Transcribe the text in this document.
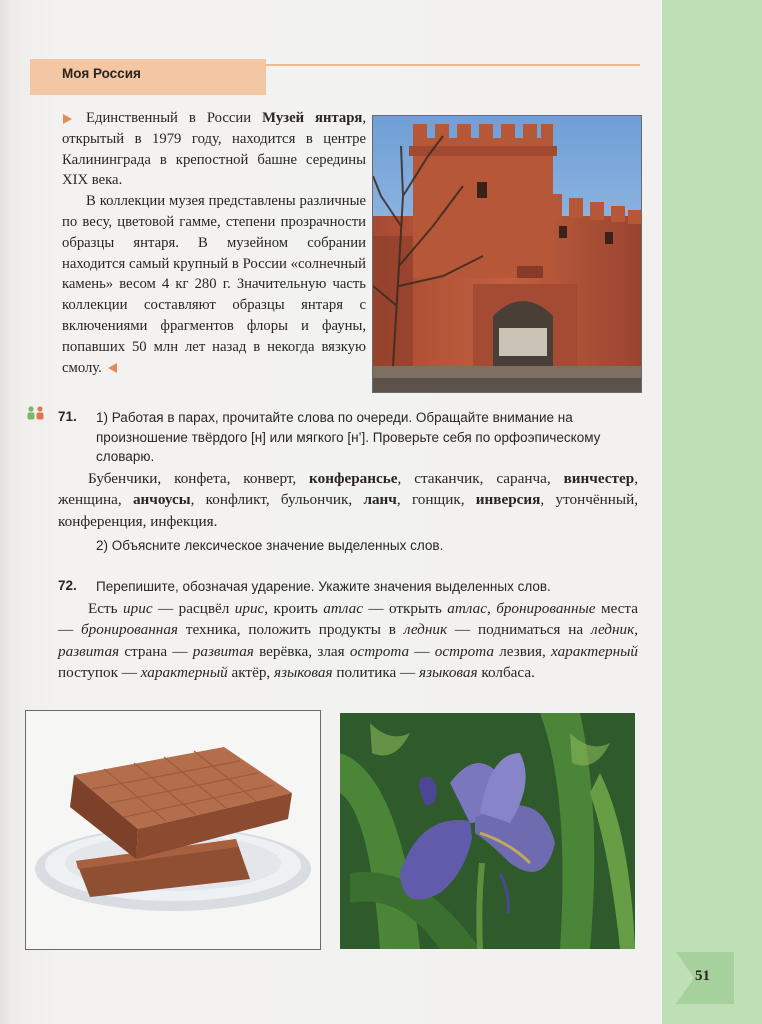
Моя Россия

Единственный в России Музей янтаря, открытый в 1979 году, находится в центре Калининграда в крепостной башне середины XIX века.

В коллекции музея представлены различные по весу, цветовой гамме, степени прозрачности образцы янтаря. В музейном собрании находится самый крупный в России «солнечный камень» весом 4 кг 280 г. Значительную часть коллекции составляют образцы янтаря с включениями фрагментов флоры и фауны, попавших 50 млн лет назад в некогда вязкую смолу.

71. 1) Работая в парах, прочитайте слова по очереди. Обращайте внимание на произношение твёрдого [н] или мягкого [н’]. Проверьте себя по орфоэпическому словарю.

Бубенчики, конфета, конверт, конферансье, стаканчик, саранча, винчестер, женщина, анчоусы, конфликт, бульончик, ланч, гонщик, инверсия, утончённый, конференция, инфекция.

2) Объясните лексическое значение выделенных слов.
72. Перепишите, обозначая ударение. Укажите значения выделенных слов.

Есть ирис — расцвёл ирис, кроить атлас — открыть атлас, бронированные места — бронированная техника, положить продукты в ледник — подниматься на ледник, развитая страна — развитая верёвка, злая острота — острота лезвия, характерный поступок — характерный актёр, языковая политика — языковая колбаса.

51
